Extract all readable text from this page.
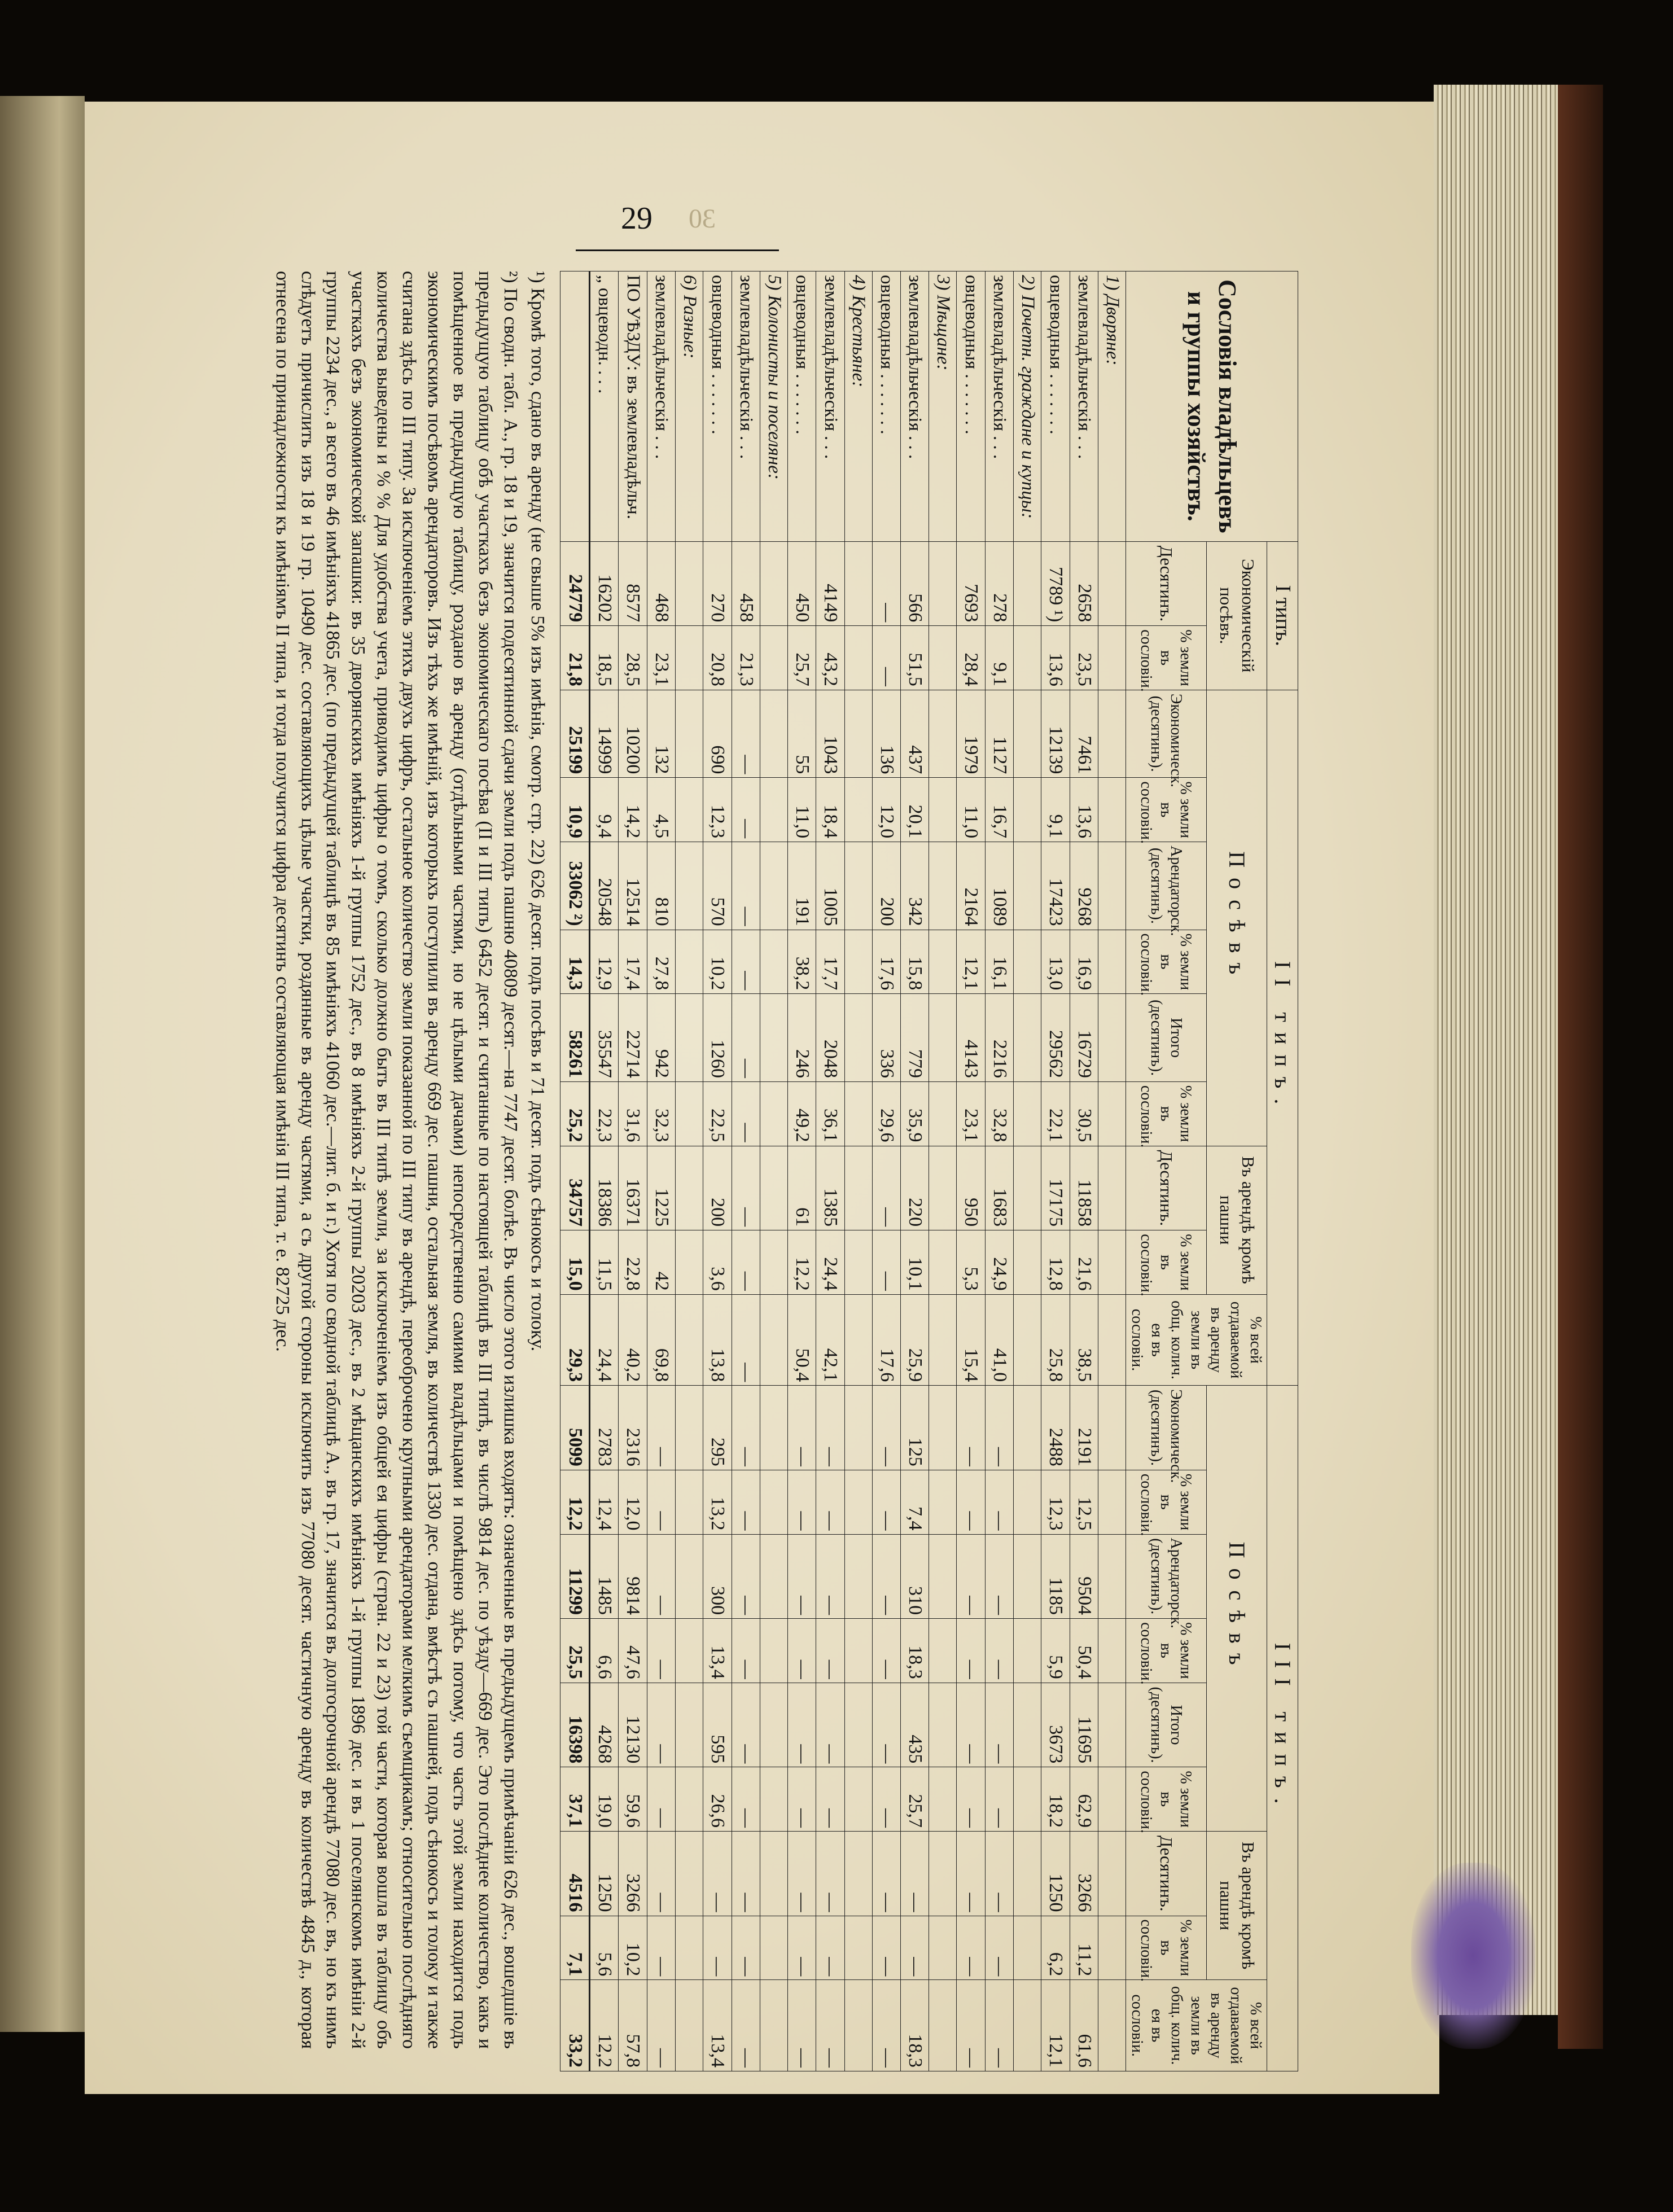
29 30
Сословія владѣльцевъ и группы хозяйствъ.	I типъ.		II типъ.									III типъ.								
	Экономическій посѣвъ.		Посѣвъ						Въ арендѣ кромѣ пашни		% всей отдаваемой въ аренду земли въ общ. колич. ея въ сословіи.	Посѣвъ						Въ арендѣ кромѣ пашни		% всей отдаваемой въ аренду земли въ общ. колич. ея въ сословіи.
	Десятинъ.	% земли въ сословіи.	Экономическ. (десятинъ).	% земли въ сословіи.	Арендаторск. (десятинъ).	% земли въ сословіи.	Итого (десятинъ).	% земли въ сословіи.	Десятинъ.	% земли въ сословіи.		Экономическ. (десятинъ).	% земли въ сословіи.	Арендаторск. (десятинъ).	% земли въ сословіи.	Итого (десятинъ).	% земли въ сословіи.	Десятинъ.	% земли въ сословіи.	
1) Дворяне:																				
землевладѣльческія . . .	2658	23,5	7461	13,6	9268	16,9	16729	30,5	11858	21,6	38,5	2191	12,5	9504	50,4	11695	62,9	3266	11,2	61,6
овцеводныя . . . . . . .	7789 ¹)	13,6	12139	9,1	17423	13,0	29562	22,1	17175	12,8	25,8	2488	12,3	1185	5,9	3673	18,2	1250	6,2	12,1
2) Почетн. граждане и купцы:																				
землевладѣльческія . . .	278	9,1	1127	16,7	1089	16,1	2216	32,8	1683	24,9	41,0	—	—	—	—	—	—	—	—	—
овцеводныя . . . . . . .	7693	28,4	1979	11,0	2164	12,1	4143	23,1	950	5,3	15,4	—	—	—	—	—	—	—	—	—
3) Мѣщане:																				
землевладѣльческія . . .	566	51,5	437	20,1	342	15,8	779	35,9	220	10,1	25,9	125	7,4	310	18,3	435	25,7	—	—	18,3
овцеводныя . . . . . . .	—	—	136	12,0	200	17,6	336	29,6	—	—	17,6	—	—	—	—	—	—	—	—	—
4) Крестьяне:																				
землевладѣльческія . . .	4149	43,2	1043	18,4	1005	17,7	2048	36,1	1385	24,4	42,1	—	—	—	—	—	—	—	—	—
овцеводныя . . . . . . .	450	25,7	55	11,0	191	38,2	246	49,2	61	12,2	50,4	—	—	—	—	—	—	—	—	—
5) Колонисты и поселяне:																				
землевладѣльческія . . .	458	21,3	—	—	—	—	—	—	—	—	—	—	—	—	—	—	—	—	—	—
овцеводныя . . . . . . .	270	20,8	690	12,3	570	10,2	1260	22,5	200	3,6	13,8	295	13,2	300	13,4	595	26,6	—	—	13,4
6) Разные:																				
землевладѣльческія . . .	468	23,1	132	4,5	810	27,8	942	32,3	1225	42	69,8	—	—	—	—	—	—	—	—	—
ПО УѢЗДУ: въ землевладѣльч.	8577	28,5	10200	14,2	12514	17,4	22714	31,6	16371	22,8	40,2	2316	12,0	9814	47,6	12130	59,6	3266	10,2	57,8
„ овцеводн. . . .	16202	18,5	14999	9,4	20548	12,9	35547	22,3	18386	11,5	24,4	2783	12,4	1485	6,6	4268	19,0	1250	5,6	12,2
	24779	21,8	25199	10,9	33062 ²)	14,3	58261	25,2	34757	15,0	29,3	5099	12,2	11299	25,5	16398	37,1	4516	7,1	33,2

¹) Кромѣ того, сдано въ аренду (не свыше 5% изъ имѣнія, смотр. стр. 22) 626 десят. подъ посѣвъ и 71 десят. подъ сѣнокосъ и толоку.

²) По сводн. табл. А., гр. 18 и 19, значится подесятинной сдачи земли подъ пашню 40809 десят.—на 7747 десят. болѣе. Въ число этого излишка входятъ: означенные въ предыдущемъ примѣчаніи 626 дес., вошедшіе въ предыдущую таблицу обѣ участкахъ безъ экономическаго посѣва (II и III типъ) 6452 десят. и считанные по настоящей таблицѣ въ III типѣ, въ числѣ 9814 дес. по уѣзду—669 дес. Это послѣднее количество, какъ и помѣщенное въ предыдущую таблицу, роздано въ аренду (отдѣльными частями, но не цѣлыми дачами) непосредственно самими владѣльцами и помѣщено здѣсь потому, что часть этой земли находится подъ экономическимъ посѣвомъ арендаторовъ. Изъ тѣхъ же имѣній, изъ которыхъ поступили въ аренду 669 дес. пашни, остальная земля, въ количествѣ 1330 дес. отдана, вмѣстѣ съ пашней, подъ сѣнокосъ и толоку и также считана здѣсь по III типу. За исключеніемъ этихъ двухъ цифръ, остальное количество земли показанной по III типу въ арендѣ, переоброчено крупными арендаторами мелкимъ съемщикамъ; относительно послѣдняго количества выведены и % % Для удобства учета, приводимъ цифры о томъ, сколько должно быть въ III типѣ земли, за исключеніемъ изъ общей ея цифры (стран. 22 и 23) той части, которая вошла въ таблицу объ участкахъ безъ экономической запашки: въ 35 дворянскихъ имѣніяхъ 1-й группы 1752 дес., въ 8 имѣніяхъ 2-й группы 20203 дес., въ 2 мѣщанскихъ имѣніяхъ 1-й группы 1896 дес. и въ 1 поселянскомъ имѣніи 2-й группы 2234 дес., а всего въ 46 имѣніяхъ 41865 дес. (по предыдущей таблицѣ въ 85 имѣніяхъ 41060 дес.—лит. б. и г.) Хотя по сводной таблицѣ А., въ гр. 17, значится въ долгосрочной арендѣ 77080 дес. въ, но къ нимъ слѣдуетъ причислить изъ 18 и 19 гр. 10490 дес. составляющихъ цѣлые участки, роздянные въ аренду частями, а съ другой стороны исключить изъ 77080 десят. частичную аренду въ количествѣ 4845 д., которая отнесена по принадлежности къ имѣніямъ II типа, и тогда получится цифра десятинъ составляющая имѣнія III типа, т. е. 82725 дес.
